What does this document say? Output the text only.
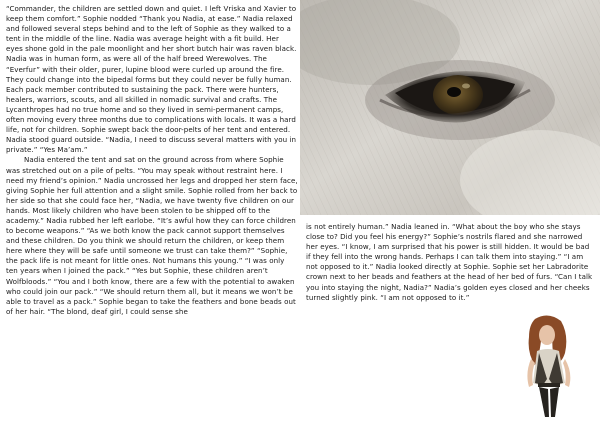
“Commander, the children are settled down and quiet. I left Vriska and Xavier to keep them comfort.” Sophie nodded “Thank you Nadia, at ease.” Nadia relaxed and followed several steps behind and to the left of Sophie as they walked to a tent in the middle of the line. Nadia was average height with a fit build. Her eyes shone gold in the pale moonlight and her short butch hair was raven black. Nadia was in human form, as were all of the half breed Werewolves. The “Everfur” with their older, purer, lupine blood were curled up around the fire. They could change into the bipedal forms but they could never be fully human. Each pack member contributed to sustaining the pack. There were hunters, healers, warriors, scouts, and all skilled in nomadic survival and crafts. The Lycanthropes had no true home and so they lived in semi-permanent camps, often moving every three months due to complications with locals. It was a hard life, not for children. Sophie swept back the door-pelts of her tent and entered. Nadia stood guard outside. “Nadia, I need to discuss several matters with you in private.” “Yes Ma’am.”

Nadia entered the tent and sat on the ground across from where Sophie was stretched out on a pile of pelts. “You may speak without restraint here. I need my friend’s opinion.” Nadia uncrossed her legs and dropped her stern face, giving Sophie her full attention and a slight smile. Sophie rolled from her back to her side so that she could face her, “Nadia, we have twenty five children on our hands. Most likely children who have been stolen to be shipped off to the academy.” Nadia rubbed her left earlobe. “It’s awful how they can force children to become weapons.” “As we both know the pack cannot support themselves and these children. Do you think we should return the children, or keep them here where they will be safe until someone we trust can take them?” “Sophie, the pack life is not meant for little ones. Not humans this young.” “I was only ten years when I joined the pack.” “Yes but Sophie, these children aren’t Wolfbloods.” “You and I both know, there are a few with the potential to awaken who could join our pack.” “We should return them all, but it means we won’t be able to travel as a pack.” Sophie began to take the feathers and bone beads out of her hair. “The blond, deaf girl, I could sense she

is not entirely human.” Nadia leaned in. “What about the boy who she stays close to? Did you feel his energy?” Sophie’s nostrils flared and she narrowed her eyes. “I know, I am surprised that his power is still hidden. It would be bad if they fell into the wrong hands. Perhaps I can talk them into staying.” “I am not opposed to it.” Nadia looked directly at Sophie. Sophie set her Labradorite crown next to her beads and feathers at the head of her bed of furs. “Can I talk you into staying the night, Nadia?” Nadia’s golden eyes closed and her cheeks turned slightly pink. “I am not opposed to it.”
